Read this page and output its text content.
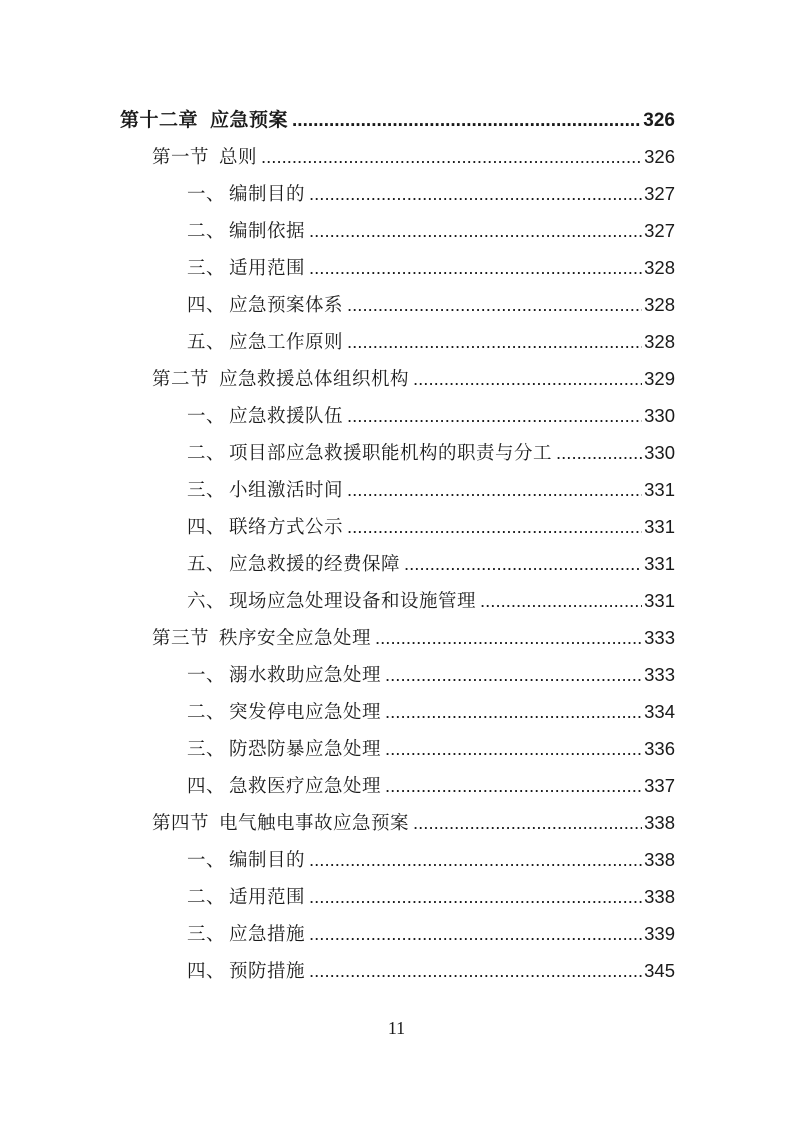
第十二章 应急预案 .....	326
第一节 总则 .....	326
一、 编制目的 .....	327
二、 编制依据 .....	327
三、 适用范围 .....	328
四、 应急预案体系 .....	328
五、 应急工作原则 .....	328
第二节 应急救援总体组织机构 .....	329
一、 应急救援队伍 .....	330
二、 项目部应急救援职能机构的职责与分工 .....	330
三、 小组激活时间 .....	331
四、 联络方式公示 .....	331
五、 应急救援的经费保障 .....	331
六、 现场应急处理设备和设施管理 .....	331
第三节 秩序安全应急处理 .....	333
一、 溺水救助应急处理 .....	333
二、 突发停电应急处理 .....	334
三、 防恐防暴应急处理 .....	336
四、 急救医疗应急处理 .....	337
第四节 电气触电事故应急预案 .....	338
一、 编制目的 .....	338
二、 适用范围 .....	338
三、 应急措施 .....	339
四、 预防措施 .....	345
11
